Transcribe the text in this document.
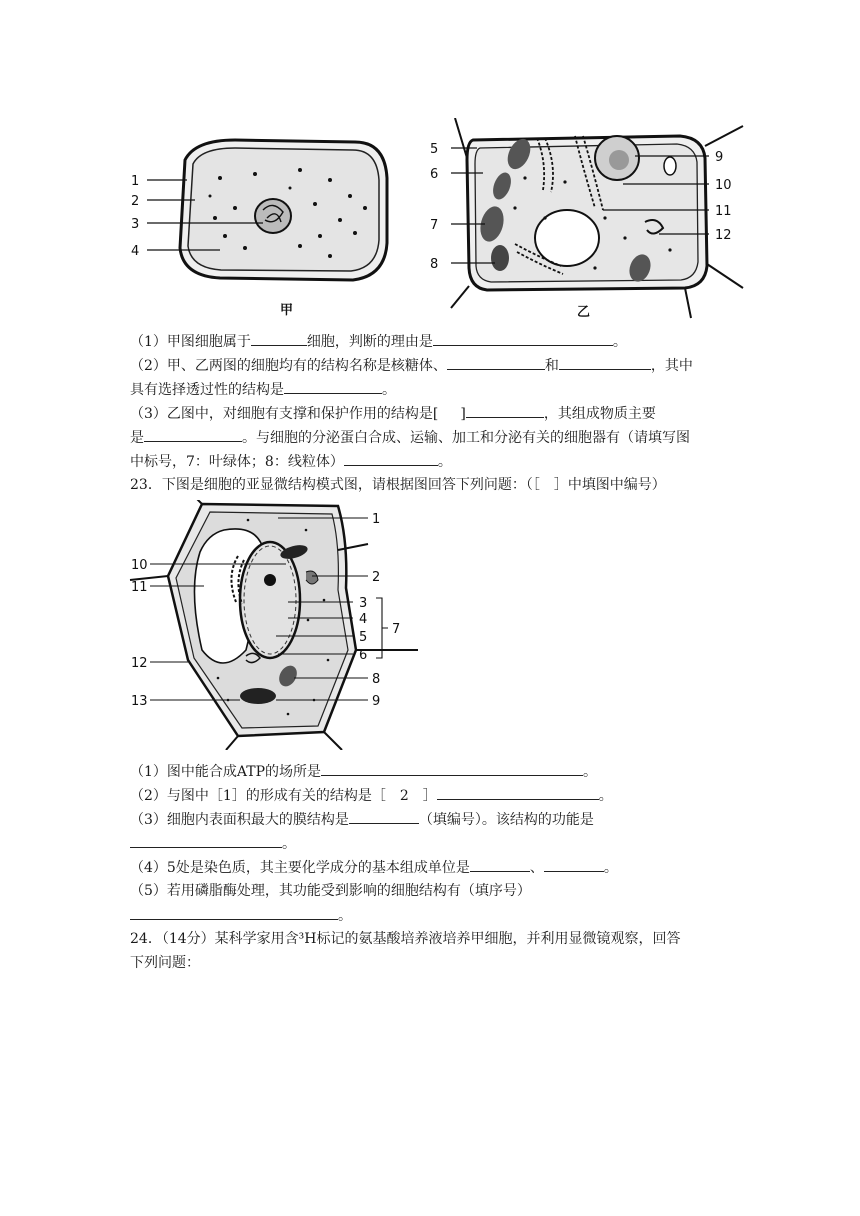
1
2
3
4
甲
5
6
7
8
9
10
11
12
乙
（1）甲图细胞属于	细胞，判断的理由是	。
（2）甲、乙两图的细胞均有的结构名称是核糖体、	和	，其中
具有选择透过性的结构是	。
（3）乙图中，对细胞有支撑和保护作用的结构是[ ]	，其组成物质主要
是	。与细胞的分泌蛋白合成、运输、加工和分泌有关的细胞器有（请填写图
中标号，7：叶绿体；8：线粒体）	。
23．下图是细胞的亚显微结构模式图，请根据图回答下列问题：（［　］中填图中编号）
10
11
12
13
1
2
3
4
5
6
7
8
9
（1）图中能合成ATP的场所是	。
（2）与图中［1］的形成有关的结构是［　2　］	。
（3）细胞内表面积最大的膜结构是	（填编号）。该结构的功能是
。
（4）5处是染色质，其主要化学成分的基本组成单位是	、	。
（5）若用磷脂酶处理，其功能受到影响的细胞结构有（填序号）
。
24．（14分）某科学家用含³H标记的氨基酸培养液培养甲细胞，并利用显微镜观察，回答
下列问题：
